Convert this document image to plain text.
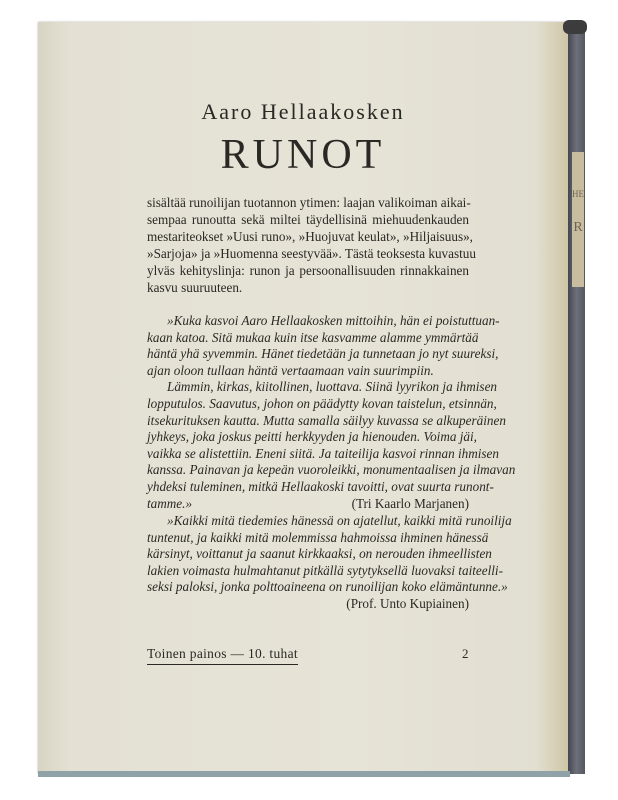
HE
R
Aaro Hellaakosken
RUNOT
sisältää runoilijan tuotannon ytimen: laajan valikoiman aikai-
sempaa runoutta sekä miltei täydellisinä miehuudenkauden
mestariteokset »Uusi runo», »Huojuvat keulat», »Hiljaisuus»,
»Sarjoja» ja »Huomenna seestyvää». Tästä teoksesta kuvastuu
ylväs kehityslinja: runon ja persoonallisuuden rinnakkainen
kasvu suuruuteen.
»Kuka kasvoi Aaro Hellaakosken mittoihin, hän ei poistuttuan-
kaan katoa. Sitä mukaa kuin itse kasvamme alamme ymmärtää
häntä yhä syvemmin. Hänet tiedetään ja tunnetaan jo nyt suureksi,
ajan oloon tullaan häntä vertaamaan vain suurimpiin.
Lämmin, kirkas, kiitollinen, luottava. Siinä lyyrikon ja ihmisen
lopputulos. Saavutus, johon on päädytty kovan taistelun, etsinnän,
itsekurituksen kautta. Mutta samalla säilyy kuvassa se alkuperäinen
jyhkeys, joka joskus peitti herkkyyden ja hienouden. Voima jäi,
vaikka se alistettiin. Eneni siitä. Ja taiteilija kasvoi rinnan ihmisen
kanssa. Painavan ja kepeän vuoroleikki, monumentaalisen ja ilmavan
yhdeksi tuleminen, mitkä Hellaakoski tavoitti, ovat suurta runont-
tamme.»	(Tri Kaarlo Marjanen)
»Kaikki mitä tiedemies hänessä on ajatellut, kaikki mitä runoilija
tuntenut, ja kaikki mitä molemmissa hahmoissa ihminen hänessä
kärsinyt, voittanut ja saanut kirkkaaksi, on nerouden ihmeellisten
lakien voimasta hulmahtanut pitkällä sytytyksellä luovaksi taiteelli-
seksi paloksi, jonka polttoaineena on runoilijan koko elämäntunne.»
(Prof. Unto Kupiainen)
Toinen painos — 10. tuhat	2
